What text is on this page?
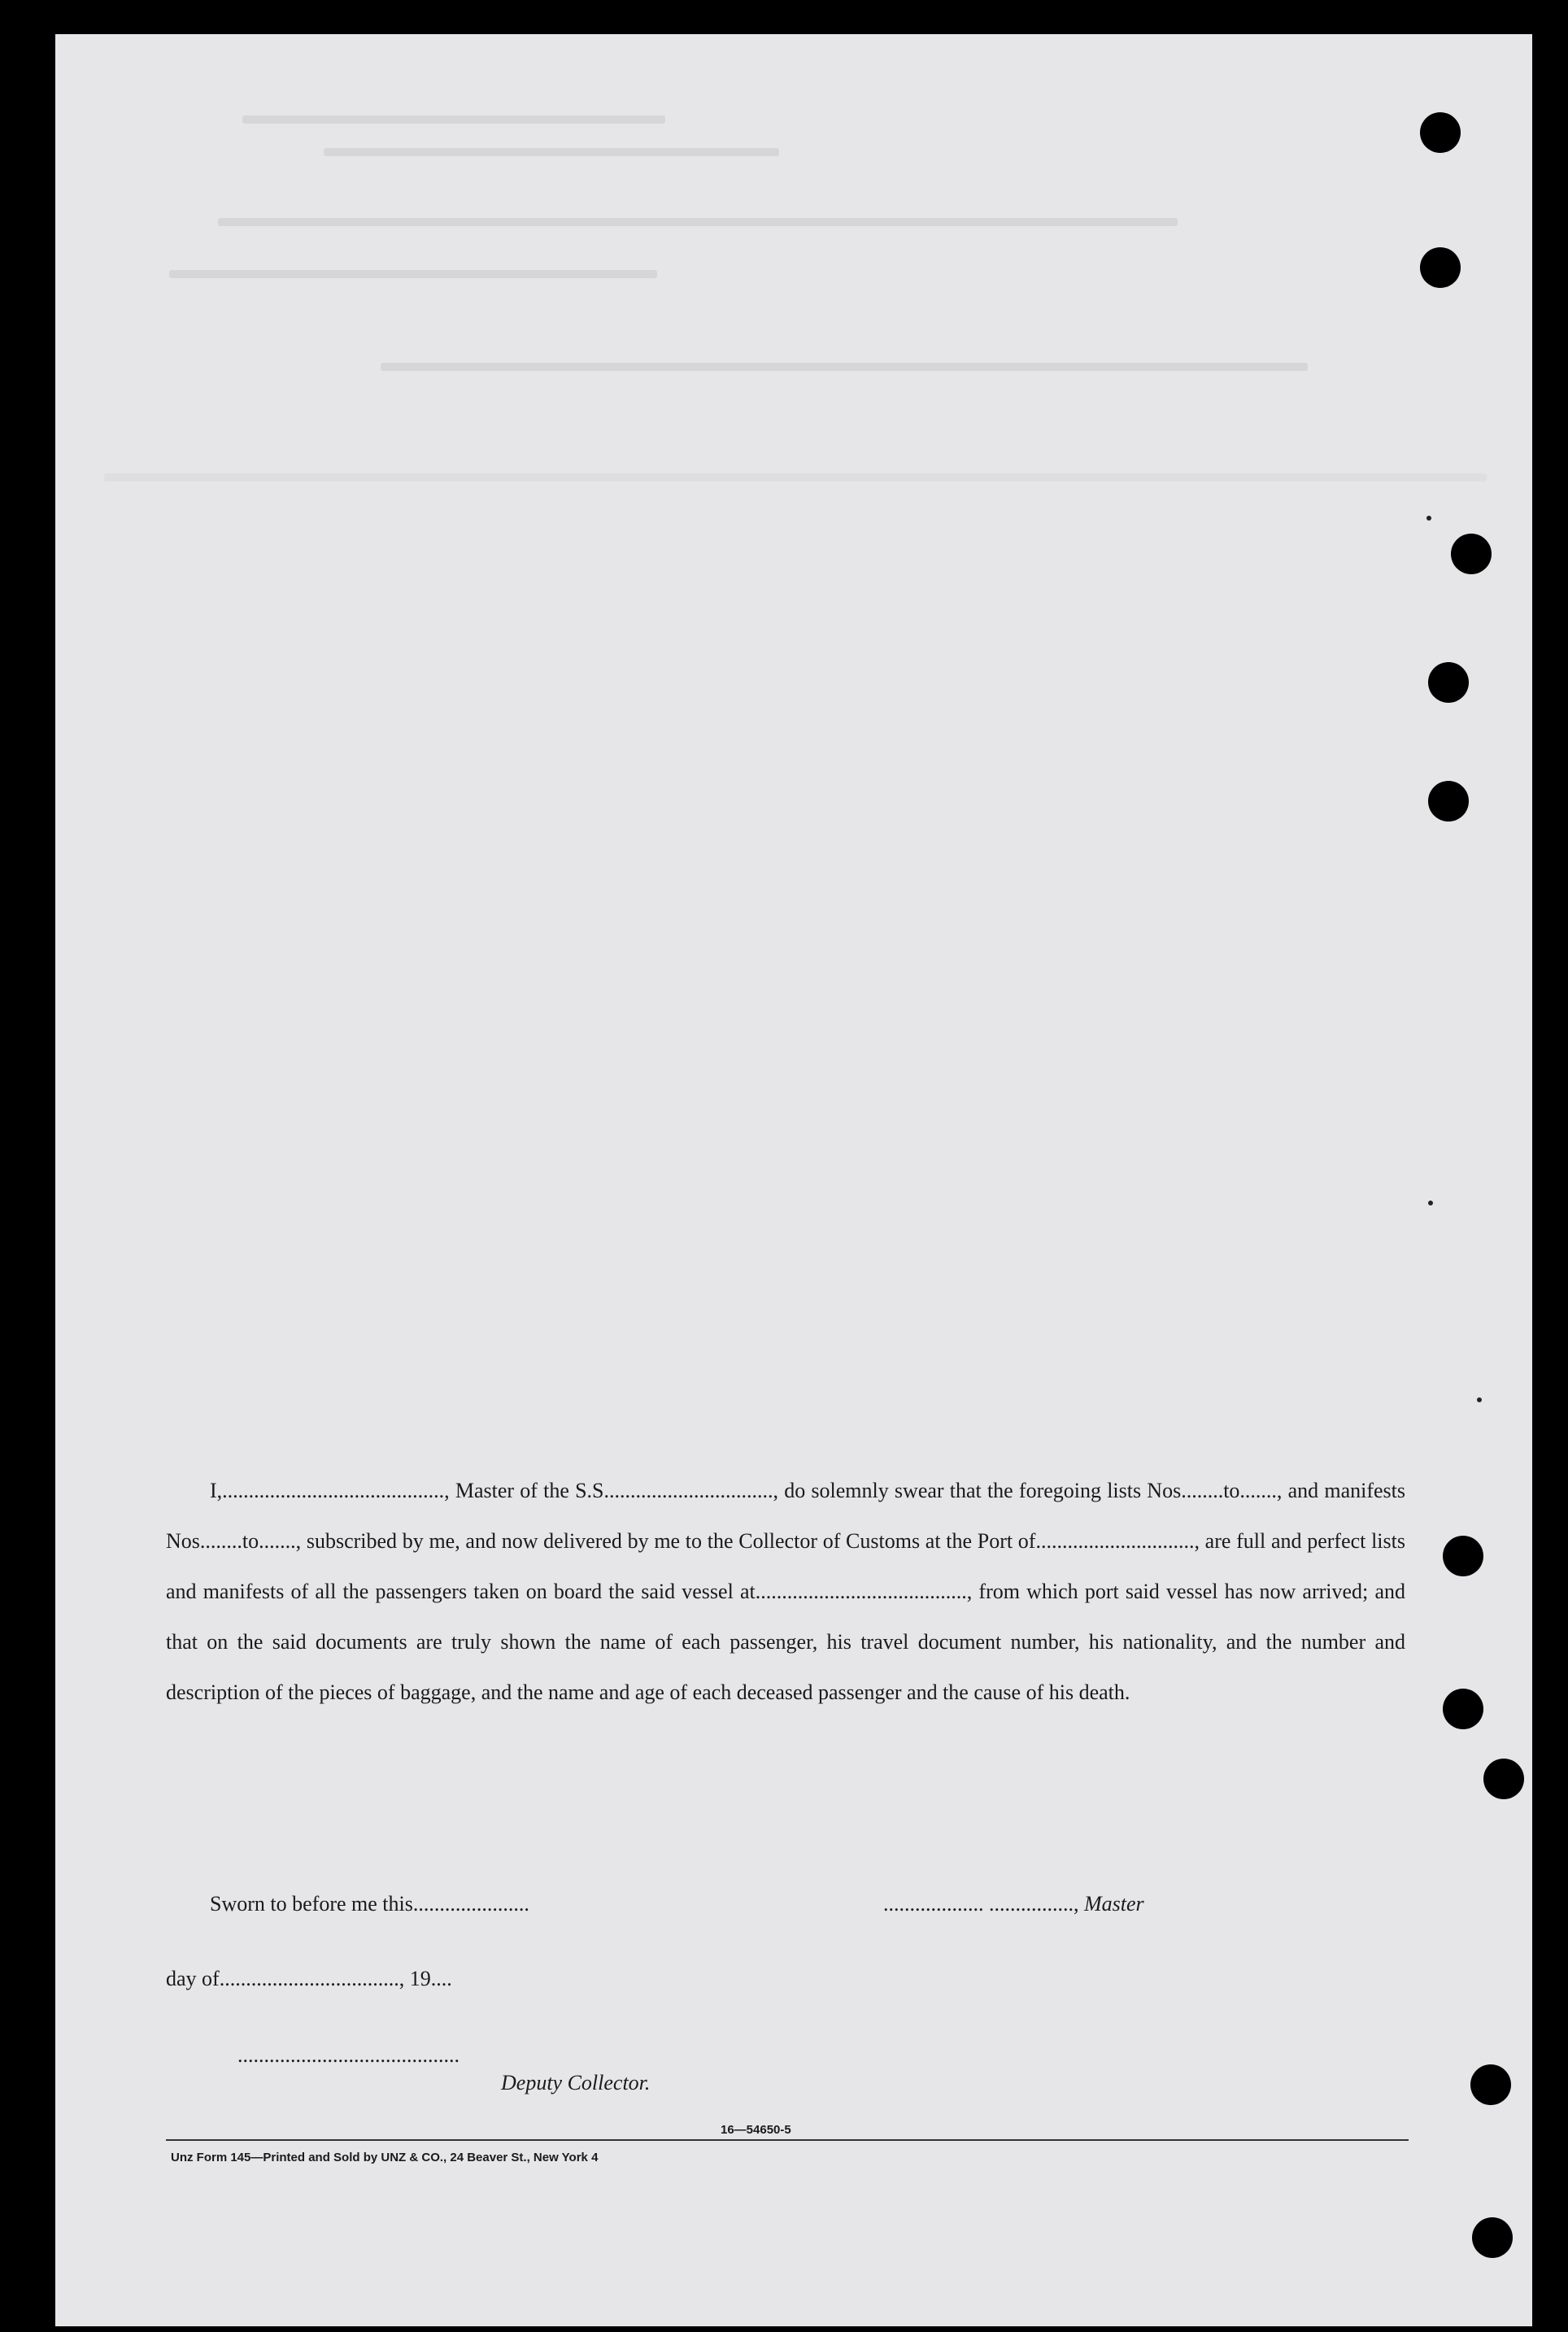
I,.........................................., Master of the S.S................................, do solemnly swear that the foregoing lists Nos........to......., and manifests Nos........to......., subscribed by me, and now delivered by me to the Collector of Customs at the Port of.............................., are full and perfect lists and manifests of all the passengers taken on board the said vessel at........................................, from which port said vessel has now arrived; and that on the said documents are truly shown the name of each passenger, his travel document number, his nationality, and the number and description of the pieces of baggage, and the name and age of each deceased passenger and the cause of his death.

Sworn to before me this......................	................... ................, Master
day of.................................., 19....
..........................................
Deputy Collector.
16—54650-5
Unz Form 145—Printed and Sold by UNZ & CO., 24 Beaver St., New York 4
